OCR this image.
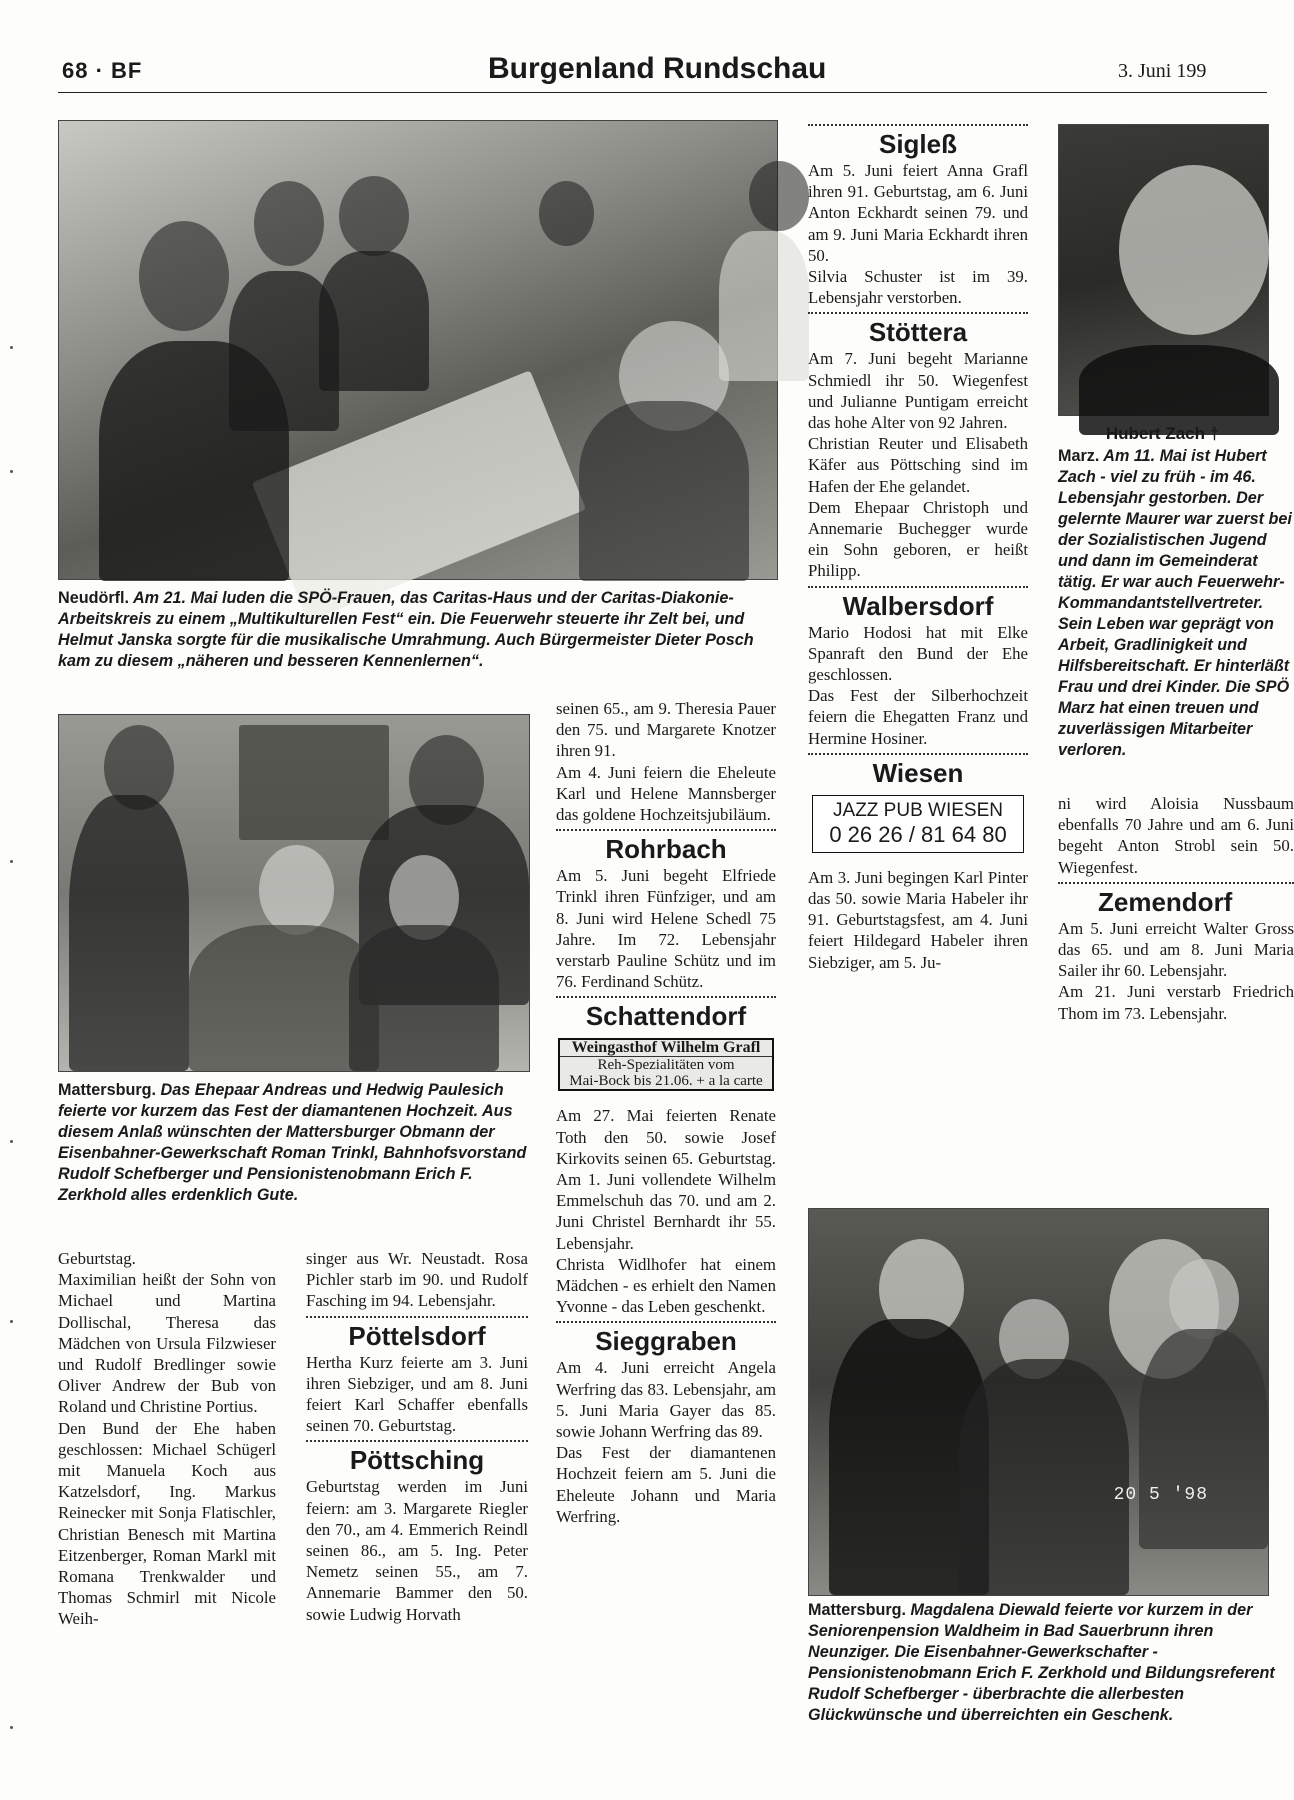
68 · BF	Burgenland Rundschau	3. Juni 199
Neudörfl. Am 21. Mai luden die SPÖ-Frauen, das Caritas-Haus und der Caritas-Diakonie-Arbeitskreis zu einem „Multikulturellen Fest“ ein. Die Feuerwehr steuerte ihr Zelt bei, und Helmut Janska sorgte für die musikalische Umrahmung. Auch Bürgermeister Dieter Posch kam zu diesem „näheren und besseren Kennenlernen“.
Mattersburg. Das Ehepaar Andreas und Hedwig Paulesich feierte vor kurzem das Fest der diamantenen Hochzeit. Aus diesem Anlaß wünschten der Mattersburger Obmann der Eisenbahner-Gewerkschaft Roman Trinkl, Bahnhofsvorstand Rudolf Schefberger und Pensionistenobmann Erich F. Zerkhold alles erdenklich Gute.

Geburtstag.

Maximilian heißt der Sohn von Michael und Martina Dollischal, Theresa das Mädchen von Ursula Filzwieser und Rudolf Bredlinger sowie Oliver Andrew der Bub von Roland und Christine Portius.

Den Bund der Ehe haben geschlossen: Michael Schügerl mit Manuela Koch aus Katzelsdorf, Ing. Markus Reinecker mit Sonja Flatischler, Christian Benesch mit Martina Eitzenberger, Roman Markl mit Romana Trenkwalder und Thomas Schmirl mit Nicole Weih-

singer aus Wr. Neustadt. Rosa Pichler starb im 90. und Rudolf Fasching im 94. Lebensjahr.

Pöttelsdorf

Hertha Kurz feierte am 3. Juni ihren Siebziger, und am 8. Juni feiert Karl Schaffer ebenfalls seinen 70. Geburtstag.

Pöttsching

Geburtstag werden im Juni feiern: am 3. Margarete Riegler den 70., am 4. Emmerich Reindl seinen 86., am 5. Ing. Peter Nemetz seinen 55., am 7. Annemarie Bammer den 50. sowie Ludwig Horvath

seinen 65., am 9. Theresia Pauer den 75. und Margarete Knotzer ihren 91.

Am 4. Juni feiern die Eheleute Karl und Helene Mannsberger das goldene Hochzeitsjubiläum.

Rohrbach

Am 5. Juni begeht Elfriede Trinkl ihren Fünfziger, und am 8. Juni wird Helene Schedl 75 Jahre. Im 72. Lebensjahr verstarb Pauline Schütz und im 76. Ferdinand Schütz.

Schattendorf
Weingasthof Wilhelm Grafl
Reh-Spezialitäten vom
Mai-Bock bis 21.06. + a la carte

Am 27. Mai feierten Renate Toth den 50. sowie Josef Kirkovits seinen 65. Geburtstag. Am 1. Juni vollendete Wilhelm Emmelschuh das 70. und am 2. Juni Christel Bernhardt ihr 55. Lebensjahr.

Christa Widlhofer hat einem Mädchen - es erhielt den Namen Yvonne - das Leben geschenkt.

Sieggraben

Am 4. Juni erreicht Angela Werfring das 83. Lebensjahr, am 5. Juni Maria Gayer das 85. sowie Johann Werfring das 89.

Das Fest der diamantenen Hochzeit feiern am 5. Juni die Eheleute Johann und Maria Werfring.

Sigleß

Am 5. Juni feiert Anna Grafl ihren 91. Geburtstag, am 6. Juni Anton Eckhardt seinen 79. und am 9. Juni Maria Eckhardt ihren 50.

Silvia Schuster ist im 39. Lebensjahr verstorben.

Stöttera

Am 7. Juni begeht Marianne Schmiedl ihr 50. Wiegenfest und Julianne Puntigam erreicht das hohe Alter von 92 Jahren.

Christian Reuter und Elisabeth Käfer aus Pöttsching sind im Hafen der Ehe gelandet.

Dem Ehepaar Christoph und Annemarie Buchegger wurde ein Sohn geboren, er heißt Philipp.

Walbersdorf

Mario Hodosi hat mit Elke Spanraft den Bund der Ehe geschlossen.

Das Fest der Silberhochzeit feiern die Ehegatten Franz und Hermine Hosiner.

Wiesen
JAZZ PUB WIESEN
0 26 26 / 81 64 80

Am 3. Juni begingen Karl Pinter das 50. sowie Maria Habeler ihr 91. Geburtstagsfest, am 4. Juni feiert Hildegard Habeler ihren Siebziger, am 5. Ju-

Hubert Zach †
Marz. Am 11. Mai ist Hubert Zach - viel zu früh - im 46. Lebensjahr gestorben. Der gelernte Maurer war zuerst bei der Sozialistischen Jugend und dann im Gemeinderat tätig. Er war auch Feuerwehr-Kommandantstellvertreter. Sein Leben war geprägt von Arbeit, Gradlinigkeit und Hilfsbereitschaft. Er hinterläßt Frau und drei Kinder. Die SPÖ Marz hat einen treuen und zuverlässigen Mitarbeiter verloren.

ni wird Aloisia Nussbaum ebenfalls 70 Jahre und am 6. Juni begeht Anton Strobl sein 50. Wiegenfest.

Zemendorf

Am 5. Juni erreicht Walter Gross das 65. und am 8. Juni Maria Sailer ihr 60. Lebensjahr.

Am 21. Juni verstarb Friedrich Thom im 73. Lebensjahr.

20 5 '98
Mattersburg. Magdalena Diewald feierte vor kurzem in der Seniorenpension Waldheim in Bad Sauerbrunn ihren Neunziger. Die Eisenbahner-Gewerkschafter - Pensionistenobmann Erich F. Zerkhold und Bildungsreferent Rudolf Schefberger - überbrachte die allerbesten Glückwünsche und überreichten ein Geschenk.
